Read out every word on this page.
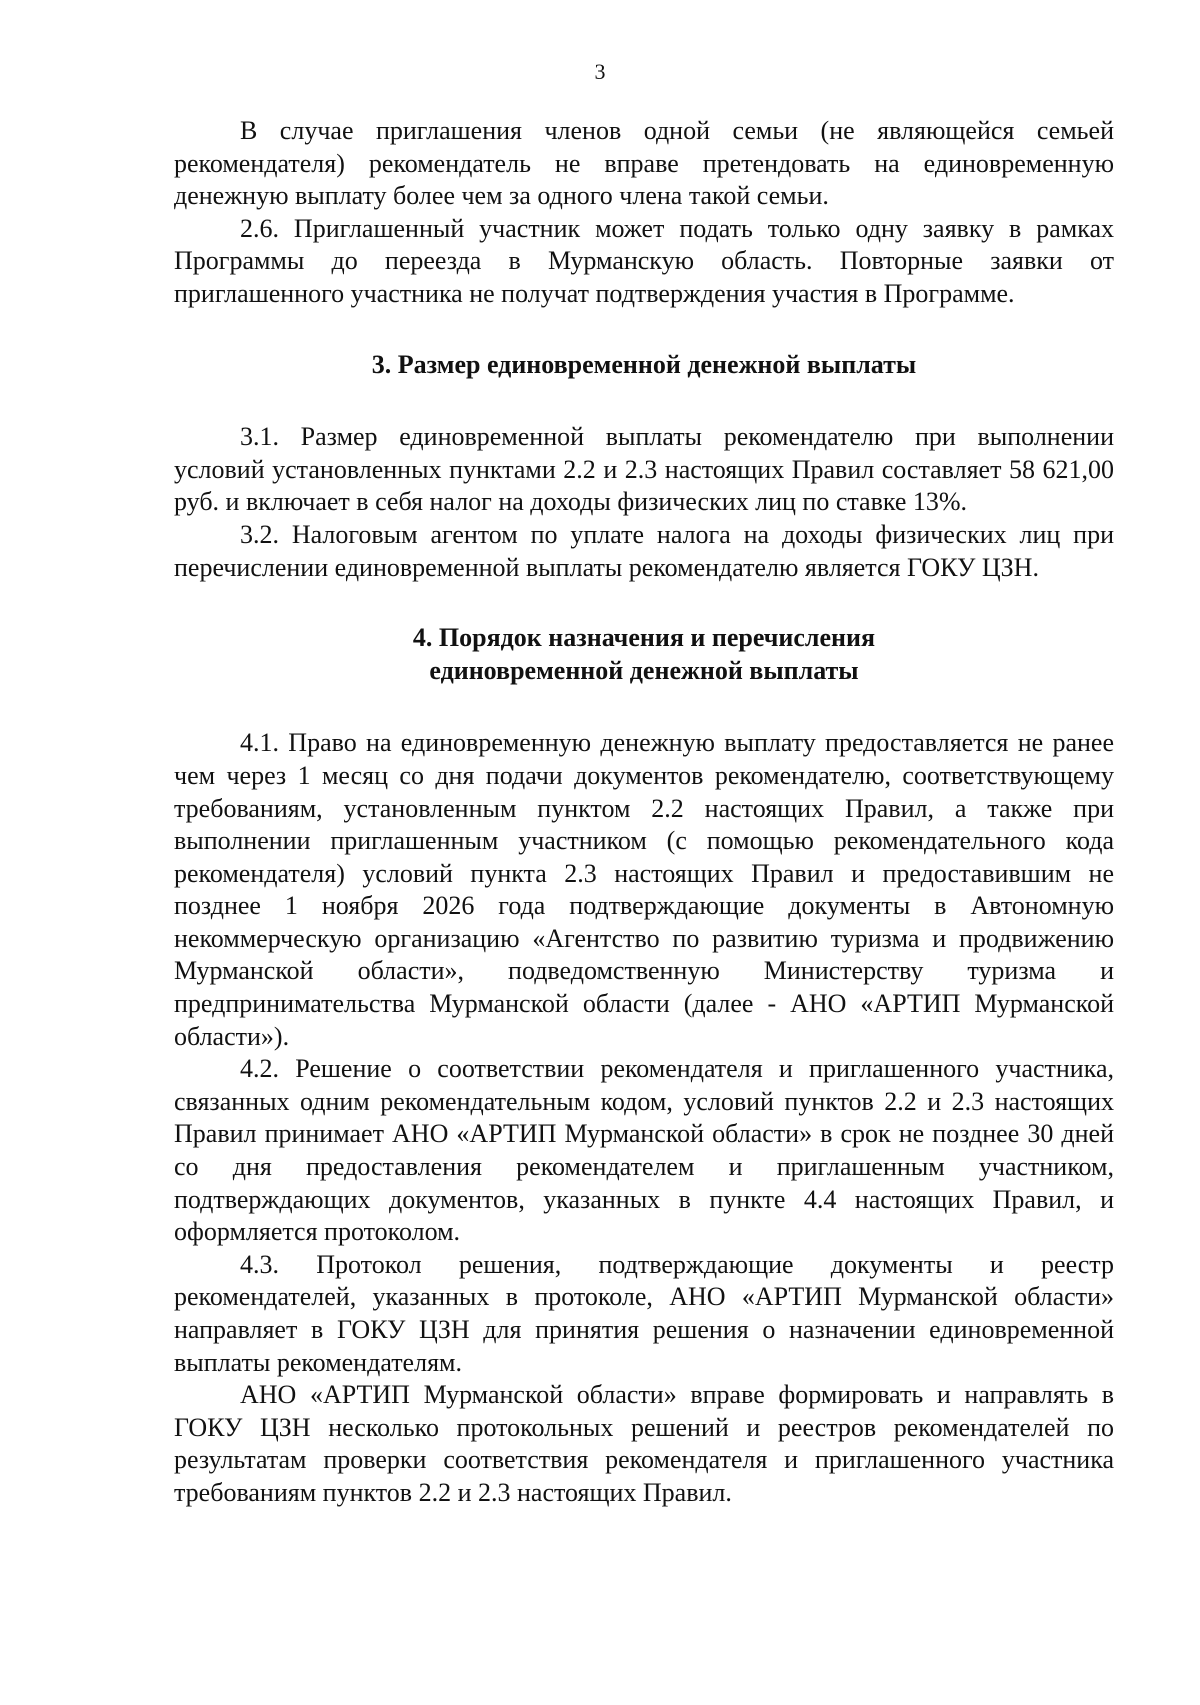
3

В случае приглашения членов одной семьи (не являющейся семьей рекомендателя) рекомендатель не вправе претендовать на единовременную денежную выплату более чем за одного члена такой семьи.

2.6. Приглашенный участник может подать только одну заявку в рамках Программы до переезда в Мурманскую область. Повторные заявки от приглашенного участника не получат подтверждения участия в Программе.

3. Размер единовременной денежной выплаты

3.1. Размер единовременной выплаты рекомендателю при выполнении условий установленных пунктами 2.2 и 2.3 настоящих Правил составляет 58 621,00 руб. и включает в себя налог на доходы физических лиц по ставке 13%.

3.2. Налоговым агентом по уплате налога на доходы физических лиц при перечислении единовременной выплаты рекомендателю является ГОКУ ЦЗН.

4. Порядок назначения и перечисления

единовременной денежной выплаты

4.1. Право на единовременную денежную выплату предоставляется не ранее чем через 1 месяц со дня подачи документов рекомендателю, соответствующему требованиям, установленным пунктом 2.2 настоящих Правил, а также при выполнении приглашенным участником (с помощью рекомендательного кода рекомендателя) условий пункта 2.3 настоящих Правил и предоставившим не позднее 1 ноября 2026 года подтверждающие документы в Автономную некоммерческую организацию «Агентство по развитию туризма и продвижению Мурманской области», подведомственную Министерству туризма и предпринимательства Мурманской области (далее - АНО «АРТИП Мурманской области»).

4.2. Решение о соответствии рекомендателя и приглашенного участника, связанных одним рекомендательным кодом, условий пунктов 2.2 и 2.3 настоящих Правил принимает АНО «АРТИП Мурманской области» в срок не позднее 30 дней со дня предоставления рекомендателем и приглашенным участником, подтверждающих документов, указанных в пункте 4.4 настоящих Правил, и оформляется протоколом.

4.3. Протокол решения, подтверждающие документы и реестр рекомендателей, указанных в протоколе, АНО «АРТИП Мурманской области» направляет в ГОКУ ЦЗН для принятия решения о назначении единовременной выплаты рекомендателям.

АНО «АРТИП Мурманской области» вправе формировать и направлять в ГОКУ ЦЗН несколько протокольных решений и реестров рекомендателей по результатам проверки соответствия рекомендателя и приглашенного участника требованиям пунктов 2.2 и 2.3 настоящих Правил.
